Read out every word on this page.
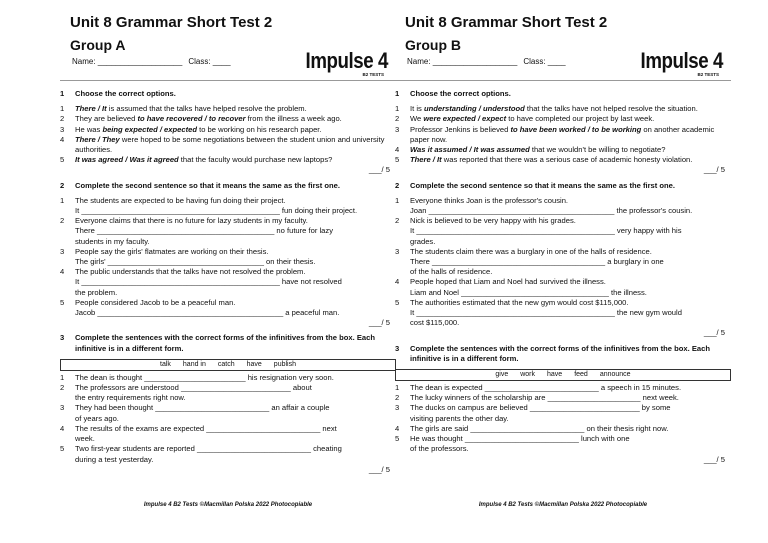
Unit 8 Grammar Short Test 2
Group A
Name: ___________________ Class: ____	Impulse 4
B2 TESTS
1	Choose the correct options.
1	There / It is assumed that the talks have helped resolve the problem.
2	They are believed to have recovered / to recover from the illness a week ago.
3	He was being expected / expected to be working on his research paper.
4	There / They were hoped to be some negotiations between the student union and university authorities.
5	It was agreed / Was it agreed that the faculty would purchase new laptops?
___/ 5
2	Complete the second sentence so that it means the same as the first one.
1	The students are expected to be having fun doing their project.
It _______________________________________________ fun doing their project.
2	Everyone claims that there is no future for lazy students in my faculty.
There __________________________________________ no future for lazy
students in my faculty.
3	People say the girls' flatmates are working on their thesis.
The girls' _____________________________________ on their thesis.
4	The public understands that the talks have not resolved the problem.
It _______________________________________________ have not resolved
the problem.
5	People considered Jacob to be a peaceful man.
Jacob ____________________________________________ a peaceful man.
___/ 5
3	Complete the sentences with the correct forms of the infinitives from the box. Each infinitive is in a different form.
talk hand in catch have publish
1	The dean is thought ________________________ his resignation very soon.
2	The professors are understood __________________________ about
the entry requirements right now.
3	They had been thought ___________________________ an affair a couple
of years ago.
4	The results of the exams are expected ___________________________ next
week.
5	Two first-year students are reported ___________________________ cheating
during a test yesterday.
___/ 5
Impulse 4 B2 Tests ©Macmillan Polska 2022 Photocopiable
Unit 8 Grammar Short Test 2
Group B
Name: ___________________ Class: ____	Impulse 4
B2 TESTS
1	Choose the correct options.
1	It is understanding / understood that the talks have not helped resolve the situation.
2	We were expected / expect to have completed our project by last week.
3	Professor Jenkins is believed to have been worked / to be working on another academic paper now.
4	Was it assumed / It was assumed that we wouldn't be willing to negotiate?
5	There / It was reported that there was a serious case of academic honesty violation.
___/ 5
2	Complete the second sentence so that it means the same as the first one.
1	Everyone thinks Joan is the professor's cousin.
Joan ____________________________________________ the professor's cousin.
2	Nick is believed to be very happy with his grades.
It _______________________________________________ very happy with his
grades.
3	The students claim there was a burglary in one of the halls of residence.
There _________________________________________ a burglary in one
of the halls of residence.
4	People hoped that Liam and Noel had survived the illness.
Liam and Noel ___________________________________ the illness.
5	The authorities estimated that the new gym would cost $115,000.
It _______________________________________________ the new gym would
cost $115,000.
___/ 5
3	Complete the sentences with the correct forms of the infinitives from the box. Each infinitive is in a different form.
give work have feed announce
1	The dean is expected ___________________________ a speech in 15 minutes.
2	The lucky winners of the scholarship are ______________________ next week.
3	The ducks on campus are believed __________________________ by some
visiting parents the other day.
4	The girls are said ___________________________ on their thesis right now.
5	He was thought ___________________________ lunch with one
of the professors.
___/ 5
Impulse 4 B2 Tests ©Macmillan Polska 2022 Photocopiable
